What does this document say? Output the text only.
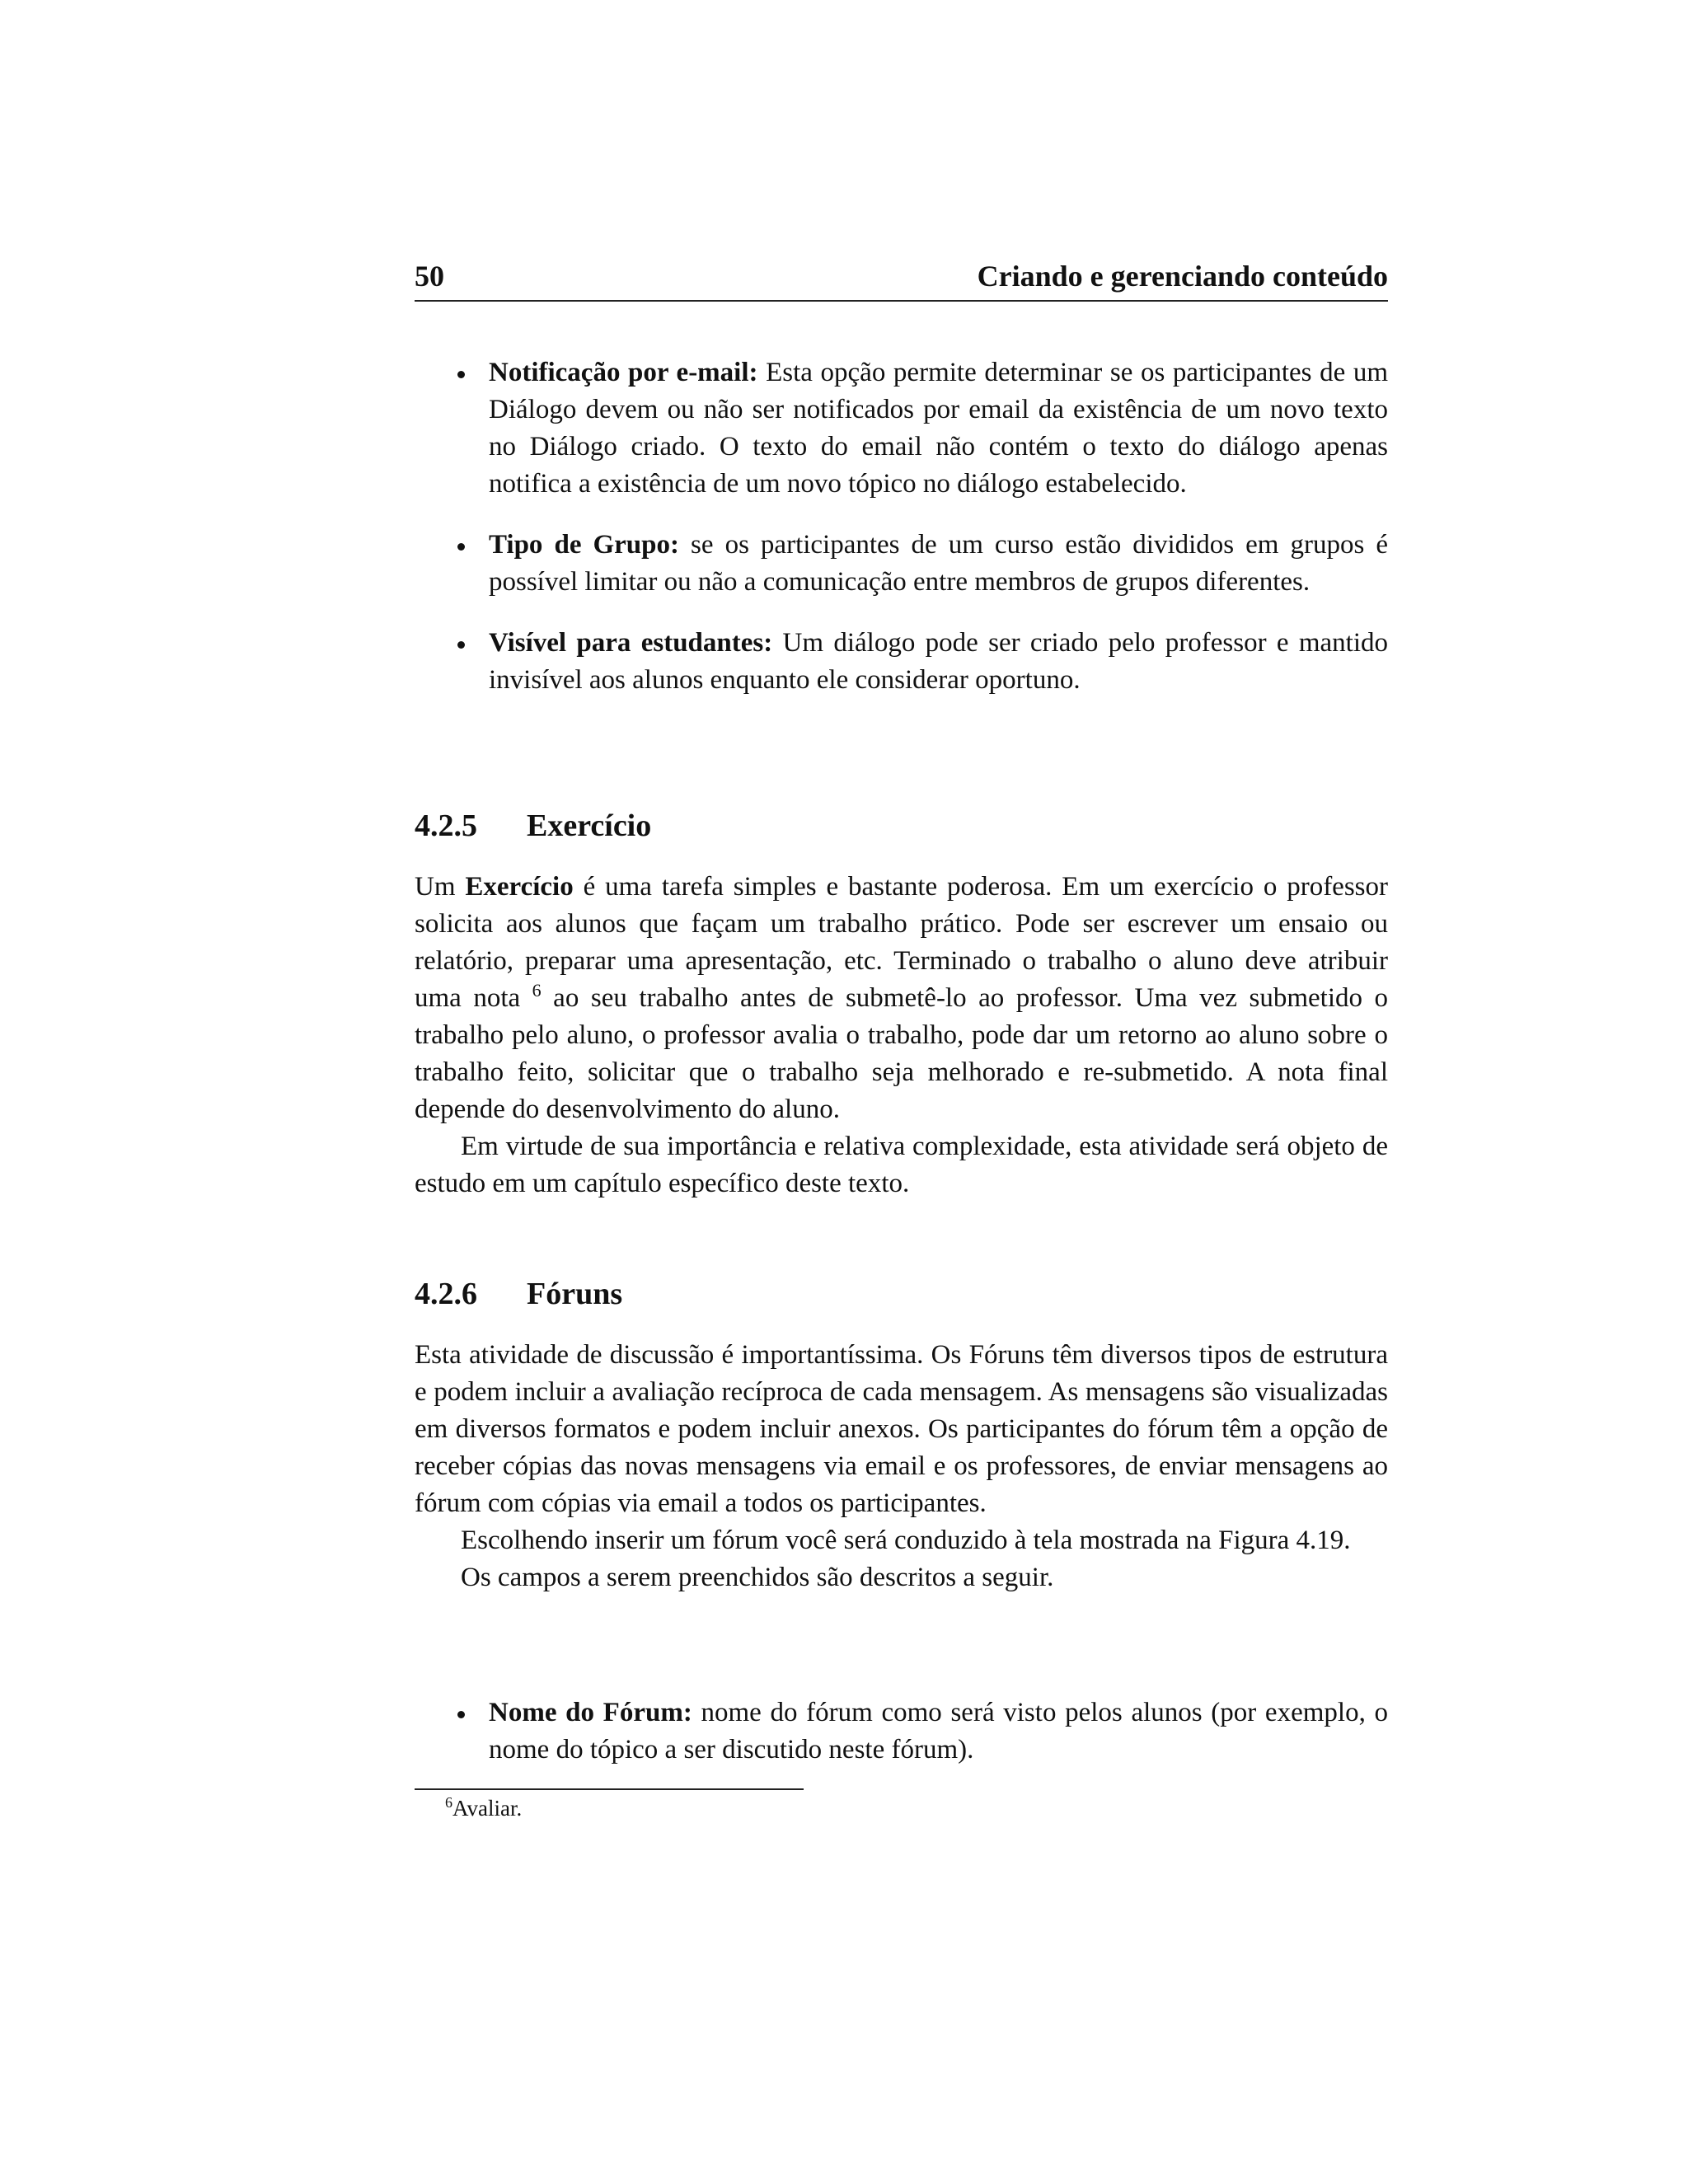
50	Criando e gerenciando conteúdo
Notificação por e-mail: Esta opção permite determinar se os participantes de um Diálogo devem ou não ser notificados por email da existência de um novo texto no Diálogo criado. O texto do email não contém o texto do diálogo apenas notifica a existência de um novo tópico no diálogo estabelecido.
Tipo de Grupo: se os participantes de um curso estão divididos em grupos é possível limitar ou não a comunicação entre membros de grupos diferentes.
Visível para estudantes: Um diálogo pode ser criado pelo professor e mantido invisível aos alunos enquanto ele considerar oportuno.
4.2.5 Exercício

Um Exercício é uma tarefa simples e bastante poderosa. Em um exercício o professor solicita aos alunos que façam um trabalho prático. Pode ser escrever um ensaio ou relatório, preparar uma apresentação, etc. Terminado o trabalho o aluno deve atribuir uma nota $^6$ ao seu trabalho antes de submetê-lo ao professor. Uma vez submetido o trabalho pelo aluno, o professor avalia o trabalho, pode dar um retorno ao aluno sobre o trabalho feito, solicitar que o trabalho seja melhorado e re-submetido. A nota final depende do desenvolvimento do aluno.

Em virtude de sua importância e relativa complexidade, esta atividade será objeto de estudo em um capítulo específico deste texto.

4.2.6 Fóruns

Esta atividade de discussão é importantíssima. Os Fóruns têm diversos tipos de estrutura e podem incluir a avaliação recíproca de cada mensagem. As mensagens são visualizadas em diversos formatos e podem incluir anexos. Os participantes do fórum têm a opção de receber cópias das novas mensagens via email e os professores, de enviar mensagens ao fórum com cópias via email a todos os participantes.

Escolhendo inserir um fórum você será conduzido à tela mostrada na Figura 4.19.

Os campos a serem preenchidos são descritos a seguir.

Nome do Fórum: nome do fórum como será visto pelos alunos (por exemplo, o nome do tópico a ser discutido neste fórum).
$^6$Avaliar.
